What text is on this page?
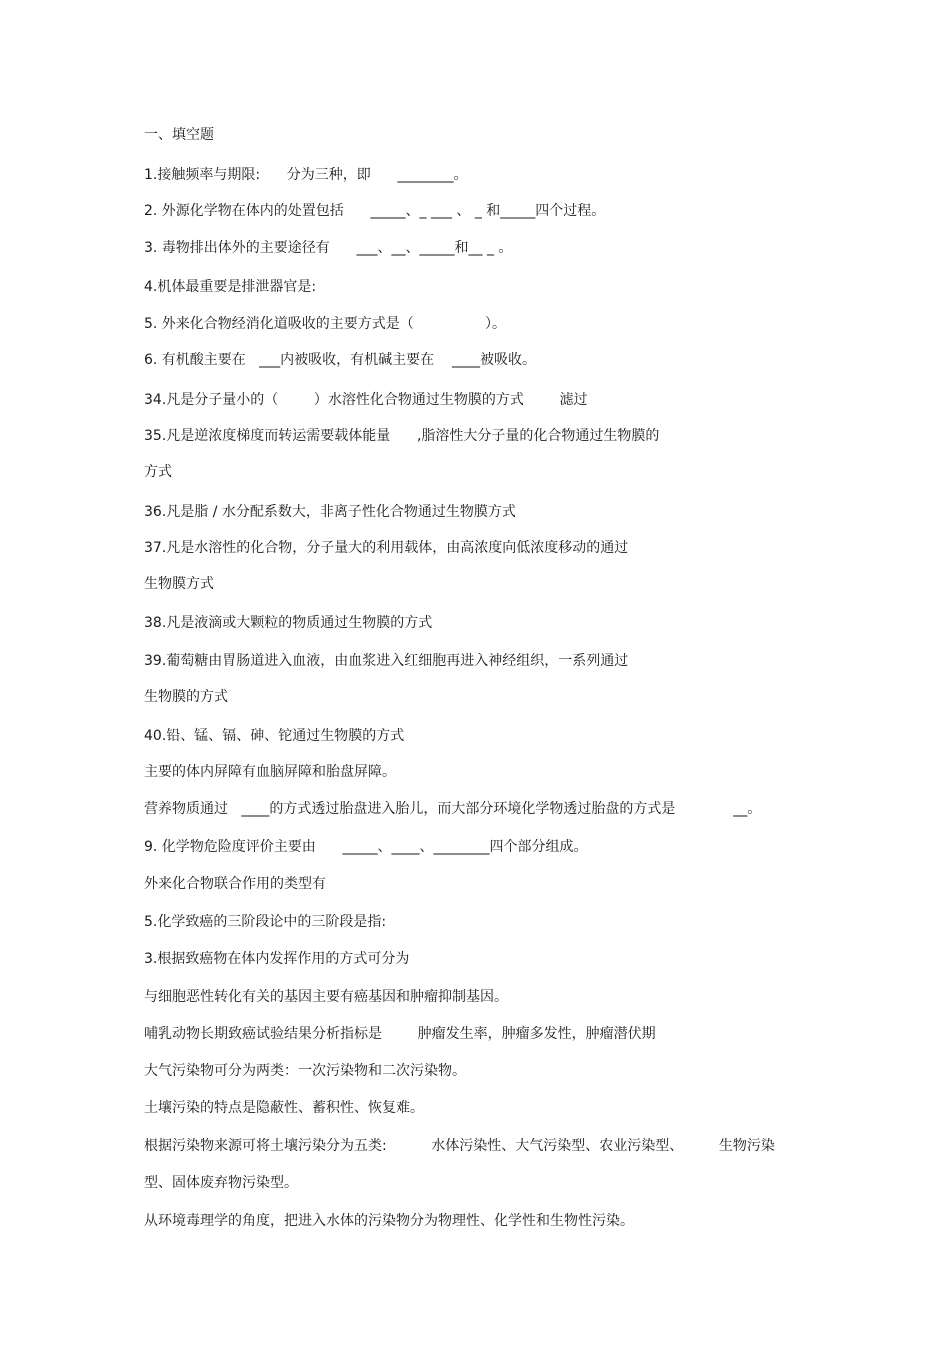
一、填空题
1.接触频率与期限:      分为三种，即      ________。
2. 外源化学物在体内的处置包括      _____、_ ___ 、 _ 和_____四个过程。
3. 毒物排出体外的主要途径有      ___、__、_____和__ _ 。
4.机体最重要是排泄器官是:
5. 外来化合物经消化道吸收的主要方式是（                ）。
6. 有机酸主要在   ___内被吸收，有机碱主要在    ____被吸收。
34.凡是分子量小的（        ）水溶性化合物通过生物膜的方式        滤过
35.凡是逆浓度梯度而转运需要载体能量      ,脂溶性大分子量的化合物通过生物膜的
方式
36.凡是脂 / 水分配系数大，非离子性化合物通过生物膜方式
37.凡是水溶性的化合物，分子量大的利用载体，由高浓度向低浓度移动的通过
生物膜方式
38.凡是液滴或大颗粒的物质通过生物膜的方式
39.葡萄糖由胃肠道进入血液，由血浆进入红细胞再进入神经组织，一系列通过
生物膜的方式
40.铅、锰、镉、砷、铊通过生物膜的方式
主要的体内屏障有血脑屏障和胎盘屏障。
营养物质通过   ____的方式透过胎盘进入胎儿，而大部分环境化学物透过胎盘的方式是             __。
9. 化学物危险度评价主要由      _____、____、________四个部分组成。
外来化合物联合作用的类型有
5.化学致癌的三阶段论中的三阶段是指:
3.根据致癌物在体内发挥作用的方式可分为
与细胞恶性转化有关的基因主要有癌基因和肿瘤抑制基因。
哺乳动物长期致癌试验结果分析指标是        肿瘤发生率，肿瘤多发性，肿瘤潜伏期
大气污染物可分为两类：一次污染物和二次污染物。
土壤污染的特点是隐蔽性、蓄积性、恢复难。
根据污染物来源可将土壤污染分为五类:          水体污染性、大气污染型、农业污染型、        生物污染
型、固体废弃物污染型。
从环境毒理学的角度，把进入水体的污染物分为物理性、化学性和生物性污染。
